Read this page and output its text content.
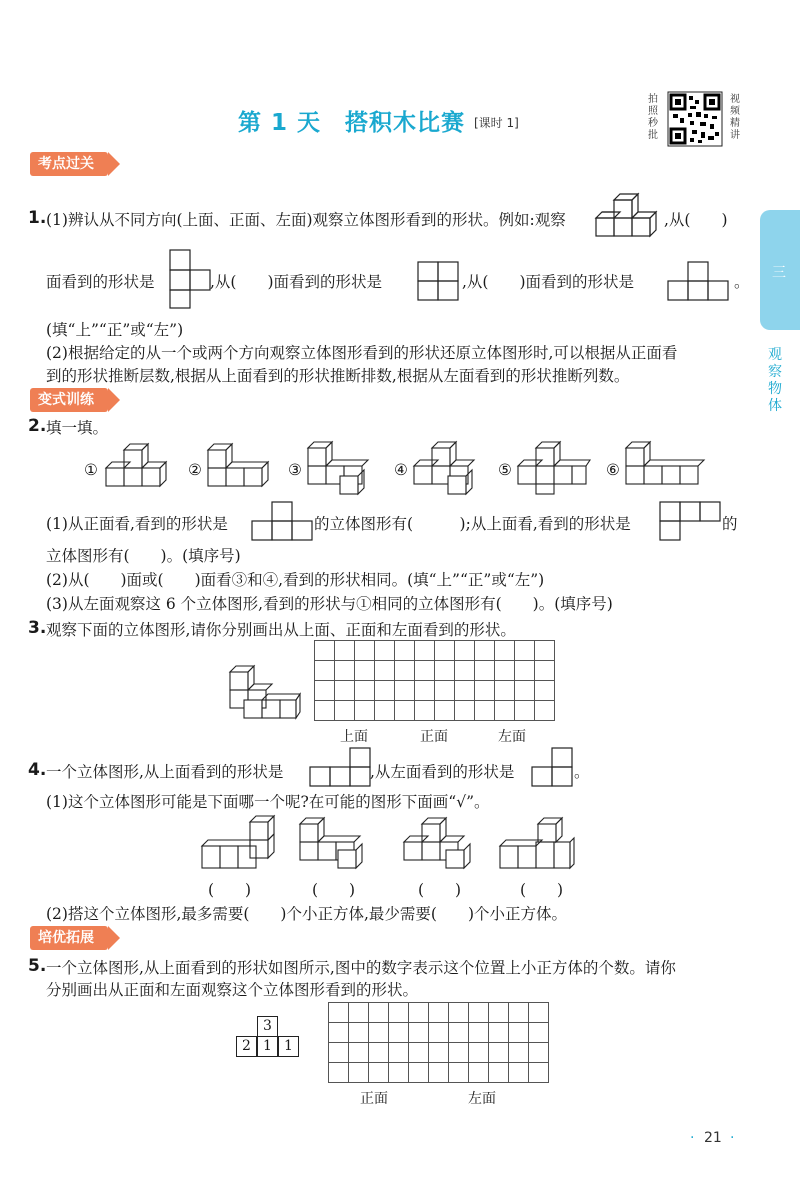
第 1 天　搭积木比赛 [课时 1]
拍
照
秒
批
视
频
精
讲
三
观
察
物
体
考点过关
1. (1)辨认从不同方向(上面、正面、左面)观察立体图形看到的形状。例如:观察	,从(　　)
面看到的形状是	,从(　　)面看到的形状是	,从(　　)面看到的形状是	。
(填“上”“正”或“左”)
(2)根据给定的从一个或两个方向观察立体图形看到的形状还原立体图形时,可以根据从正面看
到的形状推断层数,根据从上面看到的形状推断排数,根据从左面看到的形状推断列数。
变式训练
2. 填一填。
①	②	③	④	⑤	⑥
(1)从正面看,看到的形状是	的立体图形有(　　　);从上面看,看到的形状是	的
立体图形有(　　)。(填序号)
(2)从(　　)面或(　　)面看③和④,看到的形状相同。(填“上”“正”或“左”)
(3)从左面观察这 6 个立体图形,看到的形状与①相同的立体图形有(　　)。(填序号)
3. 观察下面的立体图形,请你分别画出从上面、正面和左面看到的形状。
上面	正面	左面
4. 一个立体图形,从上面看到的形状是	,从左面看到的形状是	。
(1)这个立体图形可能是下面哪一个呢?在可能的图形下面画“√”。
(　　)	(　　)	(　　)	(　　)
(2)搭这个立体图形,最多需要(　　)个小正方体,最少需要(　　)个小正方体。
培优拓展
5. 一个立体图形,从上面看到的形状如图所示,图中的数字表示这个位置上小正方体的个数。请你
分别画出从正面和左面观察这个立体图形看到的形状。
3
2 1 1
正面	左面
· 21 ·
